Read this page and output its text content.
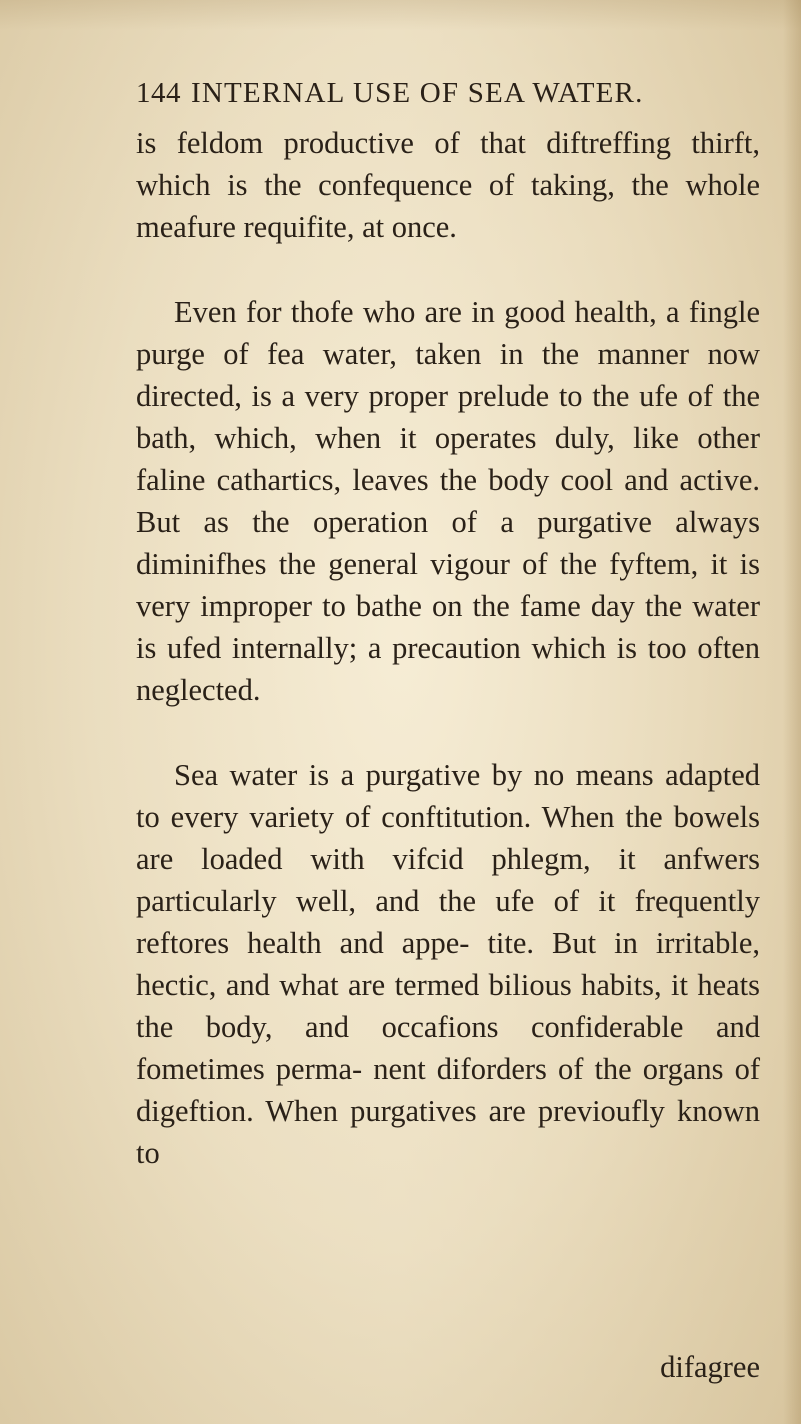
144 INTERNAL USE OF SEA WATER.

is feldom productive of that diftreffing thirft, which is the confequence of taking, the whole meafure requifite, at once.

Even for thofe who are in good health, a fingle purge of fea water, taken in the manner now directed, is a very proper prelude to the ufe of the bath, which, when it operates duly, like other faline cathartics, leaves the body cool and active. But as the operation of a purgative always diminifhes the general vigour of the fyftem, it is very improper to bathe on the fame day the water is ufed internally; a precaution which is too often neglected.

Sea water is a purgative by no means adapted to every variety of conftitution. When the bowels are loaded with vifcid phlegm, it anfwers particularly well, and the ufe of it frequently reftores health and appe- tite. But in irritable, hectic, and what are termed bilious habits, it heats the body, and occafions confiderable and fometimes perma- nent diforders of the organs of digeftion. When purgatives are previoufly known to

difagree
